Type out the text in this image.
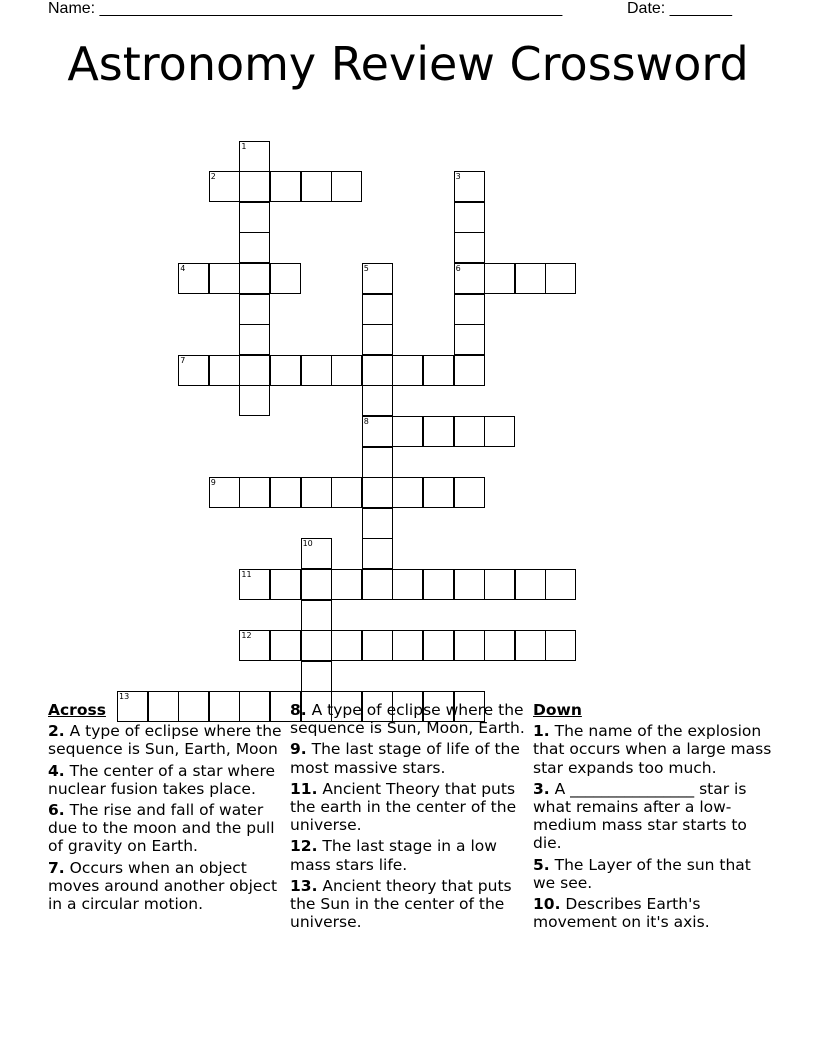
Name: ____________________________________________________	Date: _______
Astronomy Review Crossword
1
2	3
4	5	6
7
8
9
10
11
12
13
Across
2. A type of eclipse where the sequence is Sun, Earth, Moon
4. The center of a star where nuclear fusion takes place.
6. The rise and fall of water due to the moon and the pull of gravity on Earth.
7. Occurs when an object moves around another object in a circular motion.
8. A type of eclipse where the sequence is Sun, Moon, Earth.
9. The last stage of life of the most massive stars.
11. Ancient Theory that puts the earth in the center of the universe.
12. The last stage in a low mass stars life.
13. Ancient theory that puts the Sun in the center of the universe.
Down
1. The name of the explosion that occurs when a large mass star expands too much.
3. A ________________ star is what remains after a low-medium mass star starts to die.
5. The Layer of the sun that we see.
10. Describes Earth's movement on it's axis.
